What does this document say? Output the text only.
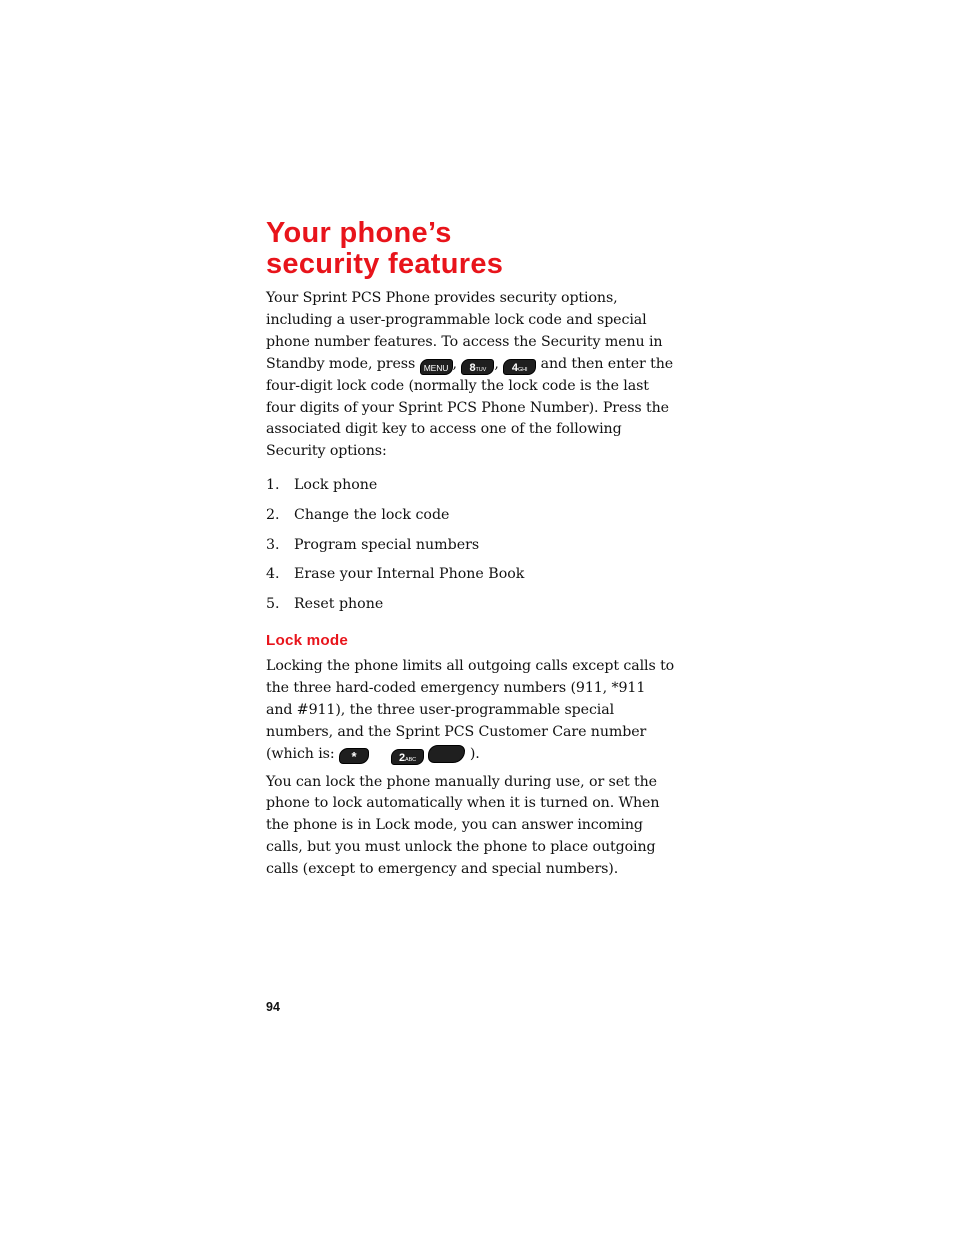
Your phone’s
security features

Your Sprint PCS Phone provides security options, including a user-programmable lock code and special phone number features. To access the Security menu in Standby mode, press MENU , 8TUV , 4GHI and then enter the four-digit lock code (normally the lock code is the last four digits of your Sprint PCS Phone Number). Press the associated digit key to access one of the following Security options:

1.	Lock phone
2.	Change the lock code
3.	Program special numbers
4.	Erase your Internal Phone Book
5.	Reset phone
Lock mode

Locking the phone limits all outgoing calls except calls to the three hard-coded emergency numbers (911, *911 and #911), the three user-programmable special numbers, and the Sprint PCS Customer Care number (which is: *	2ABC	).

You can lock the phone manually during use, or set the phone to lock automatically when it is turned on. When the phone is in Lock mode, you can answer incoming calls, but you must unlock the phone to place outgoing calls (except to emergency and special numbers).

94
